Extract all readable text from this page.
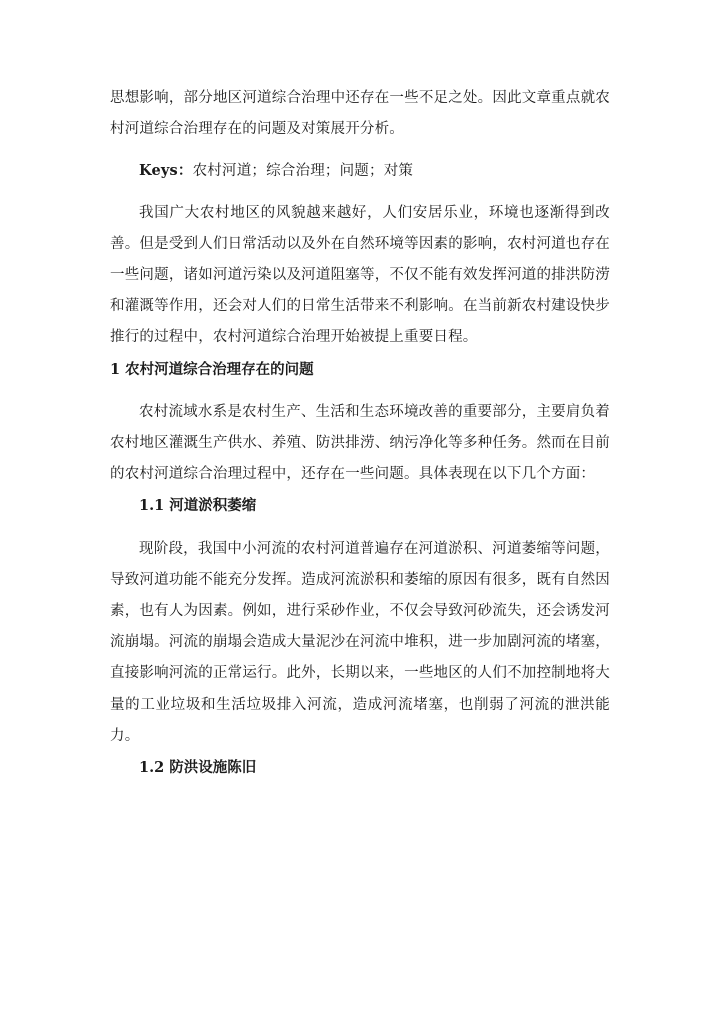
思想影响，部分地区河道综合治理中还存在一些不足之处。因此文章重点就农村河道综合治理存在的问题及对策展开分析。

Keys：农村河道；综合治理；问题；对策

我国广大农村地区的风貌越来越好，人们安居乐业，环境也逐渐得到改善。但是受到人们日常活动以及外在自然环境等因素的影响，农村河道也存在一些问题，诸如河道污染以及河道阻塞等，不仅不能有效发挥河道的排洪防涝和灌溉等作用，还会对人们的日常生活带来不利影响。在当前新农村建设快步推行的过程中，农村河道综合治理开始被提上重要日程。

1 农村河道综合治理存在的问题

农村流域水系是农村生产、生活和生态环境改善的重要部分，主要肩负着农村地区灌溉生产供水、养殖、防洪排涝、纳污净化等多种任务。然而在目前的农村河道综合治理过程中，还存在一些问题。具体表现在以下几个方面：

1.1 河道淤积萎缩

现阶段，我国中小河流的农村河道普遍存在河道淤积、河道萎缩等问题，导致河道功能不能充分发挥。造成河流淤积和萎缩的原因有很多，既有自然因素，也有人为因素。例如，进行采砂作业，不仅会导致河砂流失，还会诱发河流崩塌。河流的崩塌会造成大量泥沙在河流中堆积，进一步加剧河流的堵塞，直接影响河流的正常运行。此外，长期以来，一些地区的人们不加控制地将大量的工业垃圾和生活垃圾排入河流，造成河流堵塞，也削弱了河流的泄洪能力。

1.2 防洪设施陈旧
